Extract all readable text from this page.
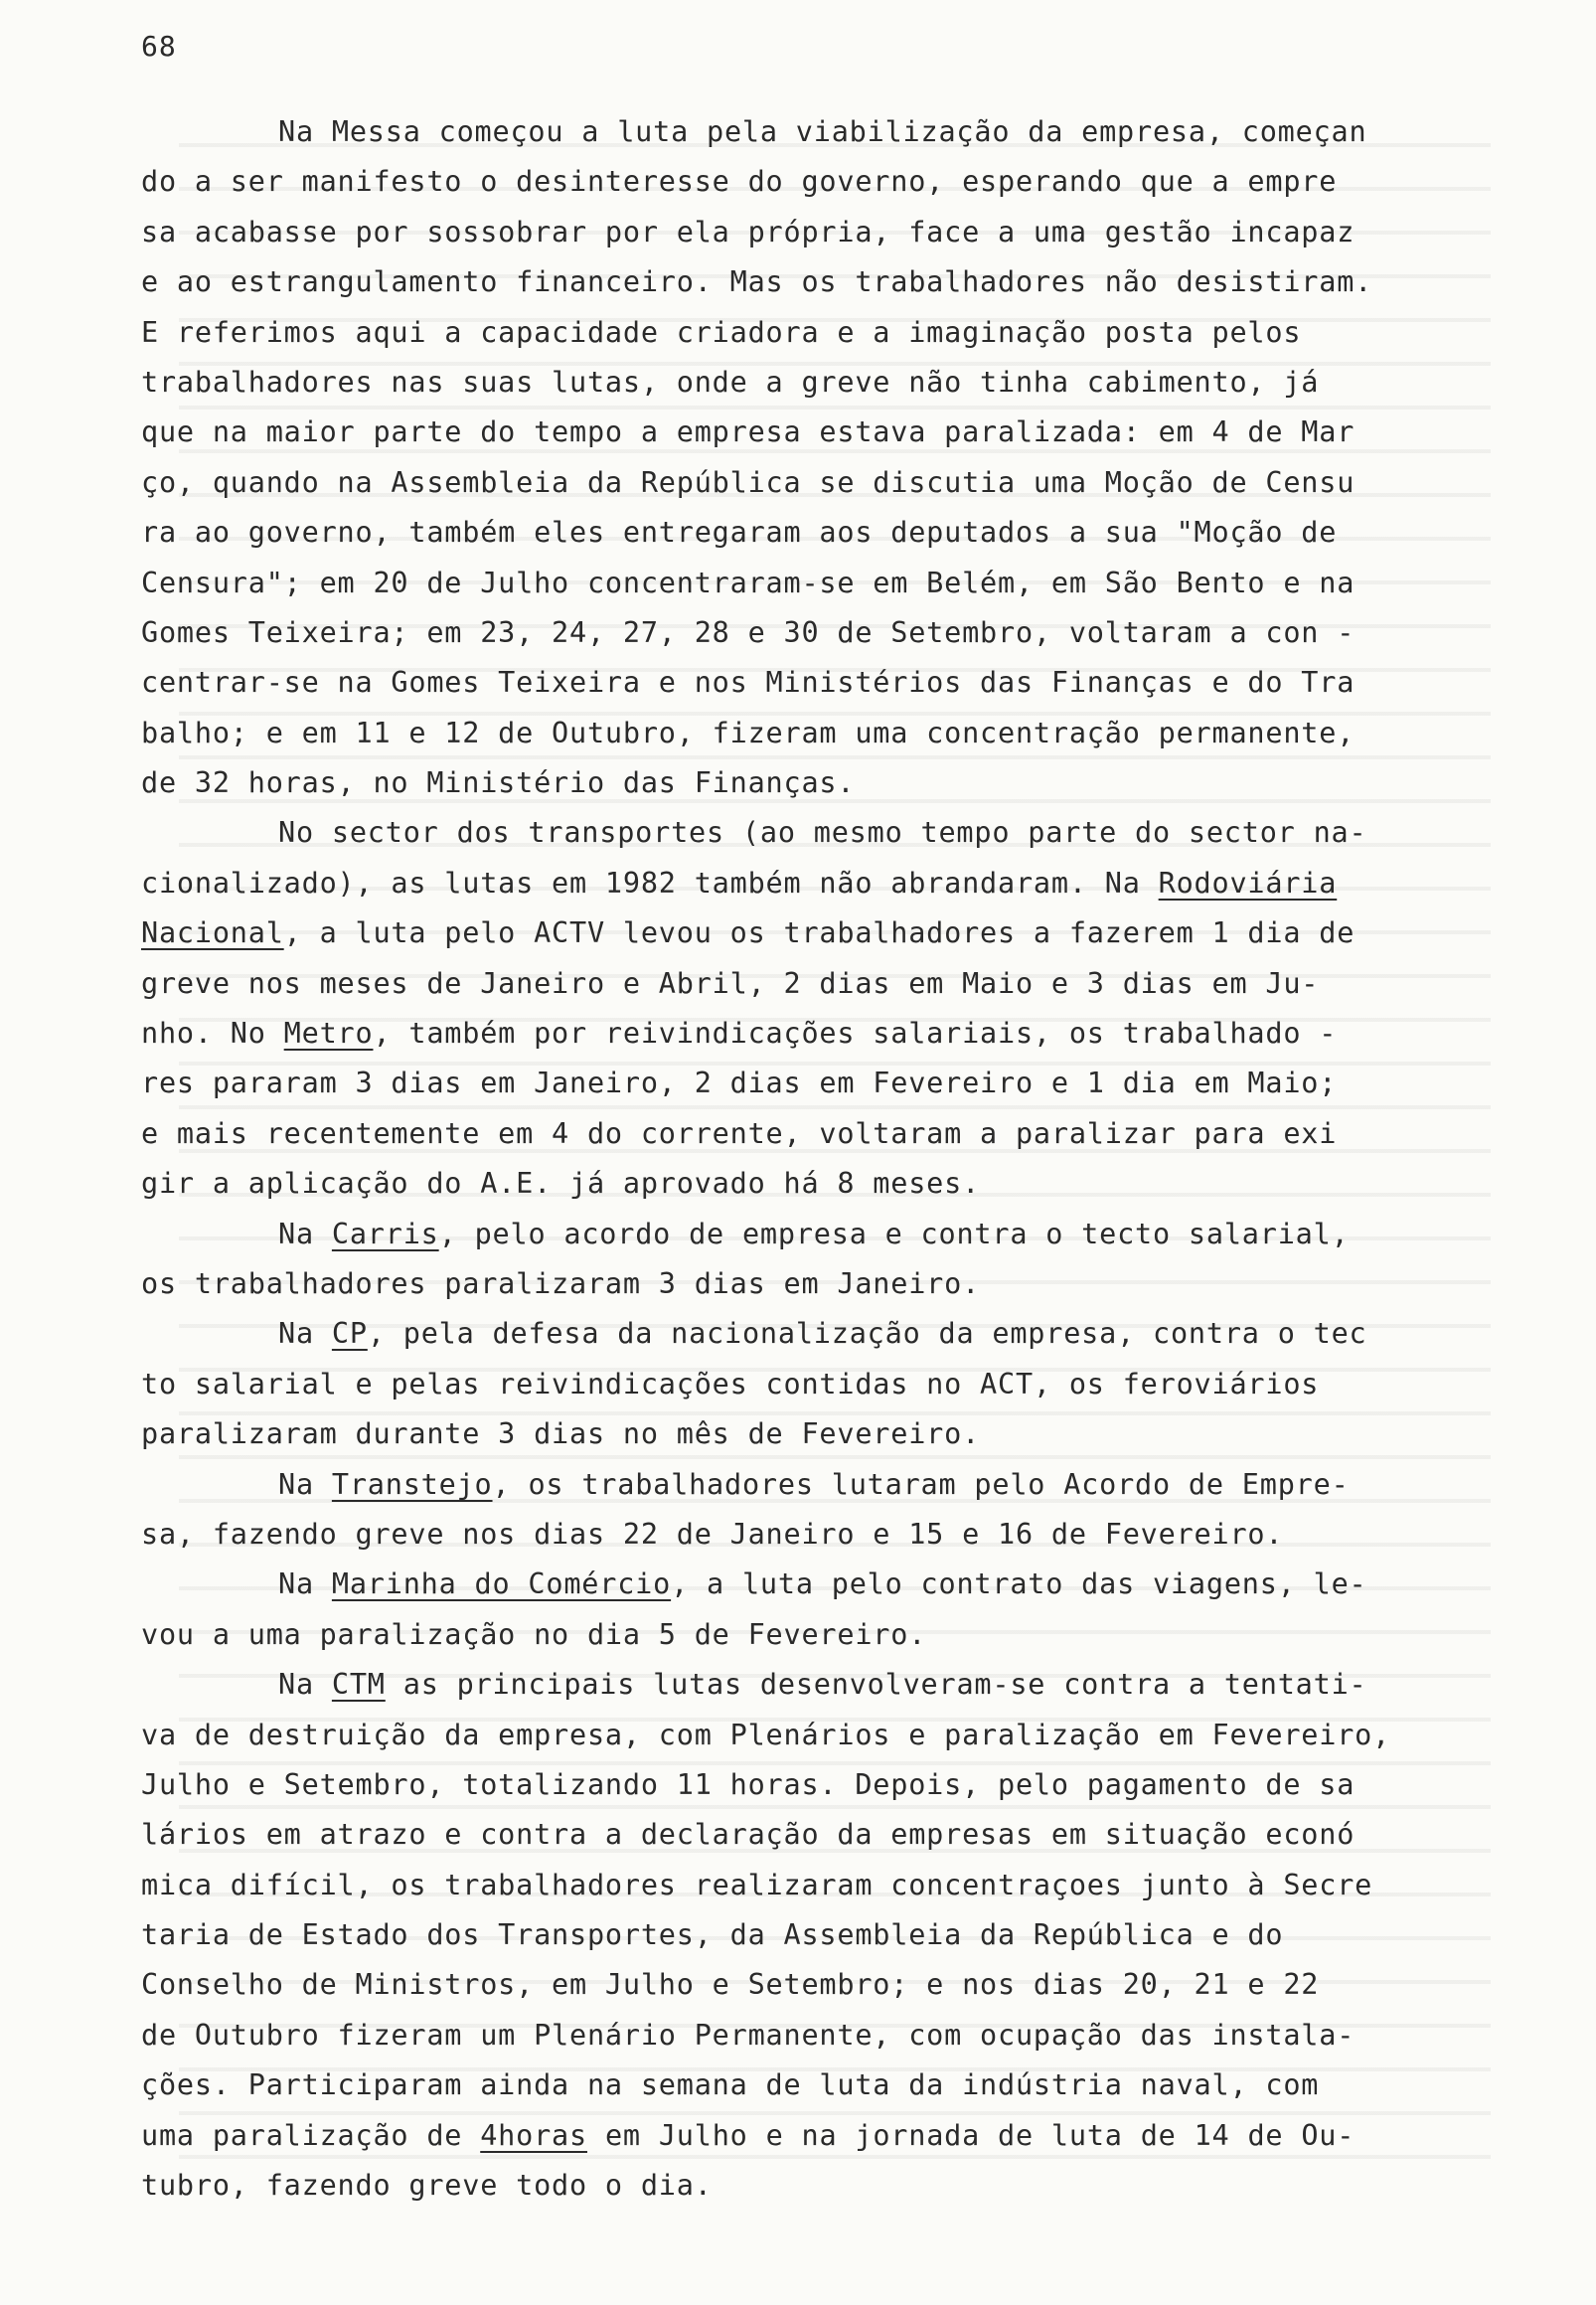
68
Na Messa começou a luta pela viabilização da empresa, começan
do a ser manifesto o desinteresse do governo, esperando que a empre
sa acabasse por sossobrar por ela própria, face a uma gestão incapaz
e ao estrangulamento financeiro. Mas os trabalhadores não desistiram.
E referimos aqui a capacidade criadora e a imaginação posta pelos
trabalhadores nas suas lutas, onde a greve não tinha cabimento, já
que na maior parte do tempo a empresa estava paralizada: em 4 de Mar
ço, quando na Assembleia da República se discutia uma Moção de Censu
ra ao governo, também eles entregaram aos deputados a sua "Moção de
Censura"; em 20 de Julho concentraram-se em Belém, em São Bento e na
Gomes Teixeira; em 23, 24, 27, 28 e 30 de Setembro, voltaram a con -
centrar-se na Gomes Teixeira e nos Ministérios das Finanças e do Tra
balho; e em 11 e 12 de Outubro, fizeram uma concentração permanente,
de 32 horas, no Ministério das Finanças.
No sector dos transportes (ao mesmo tempo parte do sector na-
cionalizado), as lutas em 1982 também não abrandaram. Na Rodoviária
Nacional, a luta pelo ACTV levou os trabalhadores a fazerem 1 dia de
greve nos meses de Janeiro e Abril, 2 dias em Maio e 3 dias em Ju-
nho. No Metro, também por reivindicações salariais, os trabalhado -
res pararam 3 dias em Janeiro, 2 dias em Fevereiro e 1 dia em Maio;
e mais recentemente em 4 do corrente, voltaram a paralizar para exi
gir a aplicação do A.E. já aprovado há 8 meses.
Na Carris, pelo acordo de empresa e contra o tecto salarial,
os trabalhadores paralizaram 3 dias em Janeiro.
Na CP, pela defesa da nacionalização da empresa, contra o tec
to salarial e pelas reivindicações contidas no ACT, os feroviários
paralizaram durante 3 dias no mês de Fevereiro.
Na Transtejo, os trabalhadores lutaram pelo Acordo de Empre-
sa, fazendo greve nos dias 22 de Janeiro e 15 e 16 de Fevereiro.
Na Marinha do Comércio, a luta pelo contrato das viagens, le-
vou a uma paralização no dia 5 de Fevereiro.
Na CTM as principais lutas desenvolveram-se contra a tentati-
va de destruição da empresa, com Plenários e paralização em Fevereiro,
Julho e Setembro, totalizando 11 horas. Depois, pelo pagamento de sa
lários em atrazo e contra a declaração da empresas em situação econó
mica difícil, os trabalhadores realizaram concentraçoes junto à Secre
taria de Estado dos Transportes, da Assembleia da República e do
Conselho de Ministros, em Julho e Setembro; e nos dias 20, 21 e 22
de Outubro fizeram um Plenário Permanente, com ocupação das instala-
ções. Participaram ainda na semana de luta da indústria naval, com
uma paralização de 4horas em Julho e na jornada de luta de 14 de Ou-
tubro, fazendo greve todo o dia.
